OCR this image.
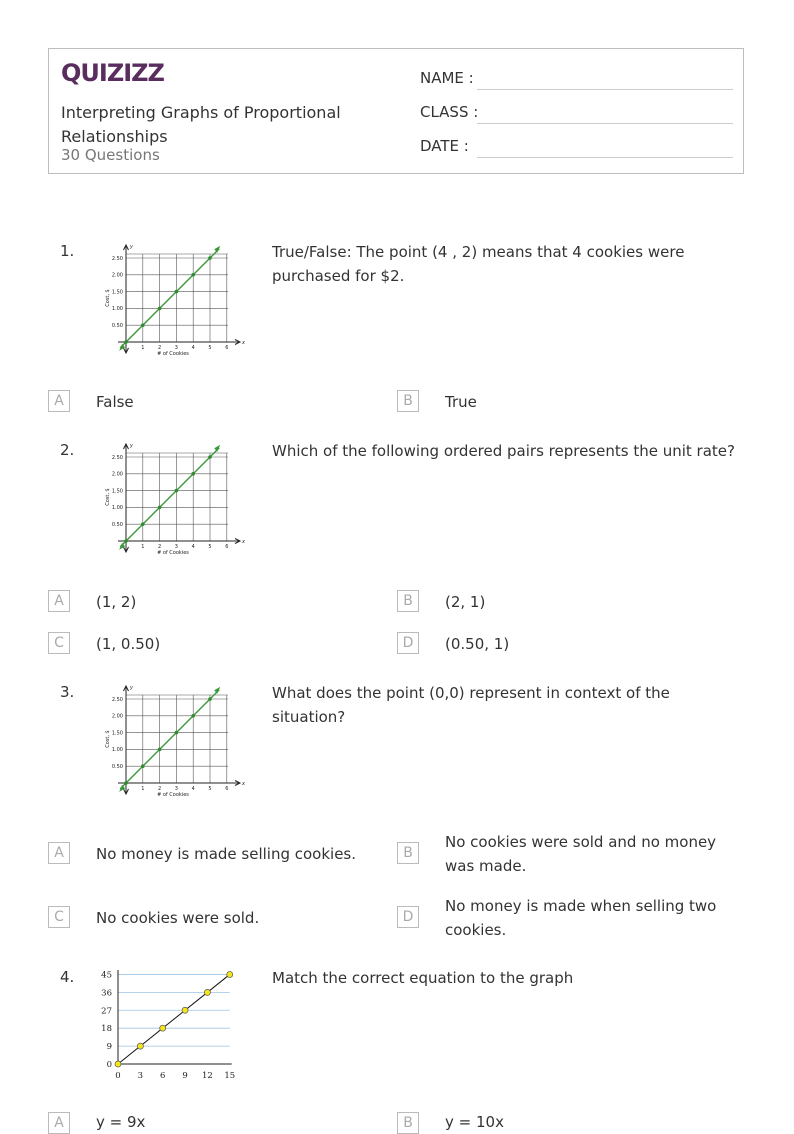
QUIZIZZ
Interpreting Graphs of Proportional Relationships
30 Questions
NAME :
CLASS :
DATE :
1.	y
x
0.50
1.00
1.50
2.00
2.50
1	2	3	4	5	6
# of Cookies
Cost, $
True/False: The point (4 , 2) means that 4 cookies were purchased for $2.
A	False	B	True
2.	y
x
0.50
1.00
1.50
2.00
2.50
1	2	3	4	5	6
# of Cookies
Cost, $
Which of the following ordered pairs represents the unit rate?
A	(1, 2)	B	(2, 1)
C	(1, 0.50)	D	(0.50, 1)
3.	y
x
0.50
1.00
1.50
2.00
2.50
1	2	3	4	5	6
# of Cookies
Cost, $
What does the point (0,0) represent in context of the situation?
A	No money is made selling cookies.	B
No cookies were sold and no money was made.
C	No cookies were sold.	D
No money is made when selling two cookies.
4.
0
9
18
27
36
45
0 3 6 9 12 15
Match the correct equation to the graph
A	y = 9x	B	y = 10x
